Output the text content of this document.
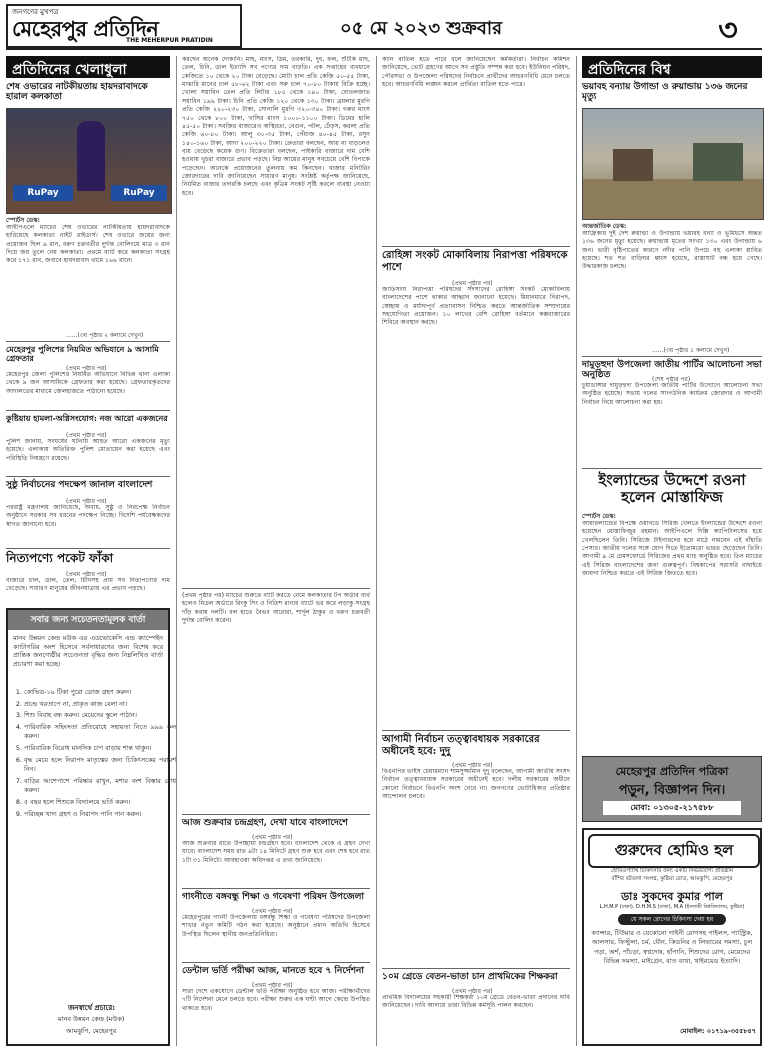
জনগণের মুখপত্র
মেহেরপুর প্রতিদিন
THE MEHERPUR PRATIDIN
০৫ মে ২০২৩ শুক্রবার	৩
প্রতিদিনের খেলাধুলা
শেষ ওভারের নাটকীয়তায় হায়দরাবাদকে হারাল কলকাতা
RuPay	RuPay
স্পোর্টস ডেস্ক:
আইপিএলে ম্যাচের শেষ ওভারের নাটকীয়তায় হায়দরাবাদকে হারিয়েছে কলকাতা নাইট রাইডার্স। শেষ ওভারে জয়ের জন্য প্রয়োজন ছিল ৯ রান, বরুণ চক্রবর্তীর দুর্দান্ত বোলিংয়ে মাত্র ৩ রান দিয়ে জয় তুলে নেয় কলকাতা। প্রথমে ব্যাট করে কলকাতা সংগ্রহ করে ১৭১ রান, জবাবে হায়দরাবাদ থামে ১৬৬ রানে।
......(৩য় পৃষ্ঠার ২ কলামে দেখুন)
মেহেরপুর পুলিশের নিয়মিত অভিযানে ৯ আসামি গ্রেফতার
(প্রথম পৃষ্ঠার পর)
মেহেরপুর জেলা পুলিশের নিয়মিত অভিযানে বিভিন্ন থানা এলাকা থেকে ৯ জন আসামিকে গ্রেফতার করা হয়েছে। গ্রেফতারকৃতদের আদালতের মাধ্যমে জেলহাজতে পাঠানো হয়েছে।
কুষ্টিয়ায় হামলা-অগ্নিসংযোগ: নজ আরো একজনের
(প্রথম পৃষ্ঠার পর)
পুলিশ জানায়, সংঘর্ষের ঘটনায় আহত আরো একজনের মৃত্যু হয়েছে। এলাকায় অতিরিক্ত পুলিশ মোতায়েন করা হয়েছে এবং পরিস্থিতি নিয়ন্ত্রণে রয়েছে।
সুষ্ঠু নির্বাচনের পদক্ষেপ জানাল বাংলাদেশ
(প্রথম পৃষ্ঠার পর)
পররাষ্ট্র মন্ত্রণালয় জানিয়েছে, অবাধ, সুষ্ঠু ও নিরপেক্ষ নির্বাচন অনুষ্ঠানে সরকার সব ধরনের পদক্ষেপ নিচ্ছে। বিদেশি পর্যবেক্ষকদের স্বাগত জানানো হবে।
নিত্যপণ্যে পকেট ফাঁকা
(প্রথম পৃষ্ঠার পর)
বাজারে চাল, ডাল, তেল, চিনিসহ প্রায় সব নিত্যপণ্যের দাম বেড়েছে। সাধারণ মানুষের জীবনযাত্রায় এর প্রভাব পড়ছে।
সবার জন্য সচেতনতামূলক বার্তা
মানব উন্নয়ন কেন্দ্র মউক এর এডভোকেসি এন্ড ক্যাম্পেইন ক্যাটাগরির অংশ হিসেবে সর্বসাধারণের জন্য বিশেষ করে প্রান্তিক জনগোষ্ঠীর সচেতনতা বৃদ্ধির জন্য নিম্নলিখিত বার্তা প্রচারণা করা হচ্ছে।
1. কোভিড-১৯ টিকা পুরো ডোজ গ্রহণ করুন।
2. প্রচন্ড খরতাপে না, প্রাকৃত কাজ বেলা না।
3. শিশু বিবাহ বন্ধ করুন। মেয়েদের স্কুলে পাঠান।
4. পারিবারিক সহিংসতা প্রতিরোধে সহায়তা নিতে ৯৯৯ কল করুন।
5. পারিবারিক বিরোধ মানসিক চাপ বাড়ায় শান্ত থাকুন।
6. বৃদ্ধ মেয়ে হলে নিরাপদ মাতৃত্বের জন্য চিকিৎসকের পরামর্শ নিন।
7. বাড়ির আশেপাশে পরিষ্কার রাখুন, মশার বংশ বিস্তার রোধ করুন।
8. ৫ বছর হলে শিশুকে বিদ্যালয়ে ভর্তি করুন।
9. পরিচ্ছন্ন খাদ্য গ্রহণ ও নিরাপদ পানি পান করুন।
জনস্বার্থে প্রচারে:
মানব উন্নয়ন কেন্দ্র (মউক)
আমঝুপি, মেহেরপুর
করছেন অনেক দোকানি। মাছ, মাংস, ডিম, তরকারি, দুধ, ফল, শুঁটকি মাছ, তেল, চিনি, ডাল ইত্যাদি সব পণ্যের দাম বাড়তি। এক সপ্তাহের ব্যবধানে কেজিতে ১০ থেকে ২০ টাকা বেড়েছে। মোটা চাল প্রতি কেজি ৫০-৫৫ টাকা, মাঝারি মানের চাল ৫৮-৬২ টাকা এবং সরু চাল ৭০-৮০ টাকায় বিক্রি হচ্ছে। খোলা সয়াবিন তেল প্রতি লিটার ১৮৫ থেকে ১৯০ টাকা, বোতলজাত সয়াবিন ১৯৯ টাকা। চিনি প্রতি কেজি ১২০ থেকে ১৩০ টাকা। ব্রয়লার মুরগি প্রতি কেজি ২২০-২৩০ টাকা, সোনালি মুরগি ৩২০-৩৪০ টাকা। গরুর মাংস ৭৫০ থেকে ৮০০ টাকা, খাসির মাংস ১০০০-১১০০ টাকা। ডিমের হালি ৪৫-৫০ টাকা। সবজির বাজারেও অস্থিরতা, বেগুন, পটল, ঢেঁড়স, করলা প্রতি কেজি ৬০-৮০ টাকা। আলু ৩০-৩৫ টাকা, পেঁয়াজ ৪০-৪৫ টাকা, রসুন ১৪০-১৬০ টাকা, আদা ২০০-২২০ টাকা। ক্রেতারা বলছেন, আয় না বাড়লেও ব্যয় বেড়েছে কয়েক গুণ। বিক্রেতারা বলছেন, পাইকারি বাজারে দাম বেশি হওয়ায় খুচরা বাজারে প্রভাব পড়ছে। নিম্ন আয়ের মানুষ সবচেয়ে বেশি বিপাকে পড়েছেন। অনেকে প্রয়োজনের তুলনায় কম কিনছেন। বাজার মনিটরিং জোরদারের দাবি জানিয়েছেন সাধারণ মানুষ। সংশ্লিষ্ট কর্তৃপক্ষ জানিয়েছে, নিয়মিত বাজার তদারকি চলছে এবং কৃত্রিম সংকট সৃষ্টি করলে ব্যবস্থা নেওয়া হবে।
(প্রথম পৃষ্ঠার পর) ম্যাচের শুরুতে ব্যাট করতে নেমে কলকাতার টপ অর্ডার ব্যর্থ হলেও মিডল অর্ডারে রিংকু সিং ও নিতিশ রানার ব্যাটে ভর করে লড়াকু সংগ্রহ দাঁড় করায় দলটি। বল হাতে বৈভব অরোরা, শার্দূল ঠাকুর ও বরুণ চক্রবর্তী দুর্দান্ত বোলিং করেন।
আজ শুক্রবার চন্দ্রগ্রহণ, দেখা যাবে বাংলাদেশে
(প্রথম পৃষ্ঠার পর)
আজ শুক্রবার রাতে উপচ্ছায়া চন্দ্রগ্রহণ হবে। বাংলাদেশ থেকে এ গ্রহণ দেখা যাবে। বাংলাদেশ সময় রাত ৯টা ১৪ মিনিটে গ্রহণ শুরু হবে এবং শেষ হবে রাত ১টা ৩১ মিনিটে। আবহাওয়া অধিদপ্তর এ তথ্য জানিয়েছে।
গাংনীতে বঙ্গবন্ধু শিক্ষা ও গবেষণা পরিষদ উপজেলা
(প্রথম পৃষ্ঠার পর)
মেহেরপুরের গাংনী উপজেলায় বঙ্গবন্ধু শিক্ষা ও গবেষণা পরিষদের উপজেলা শাখার নতুন কমিটি গঠন করা হয়েছে। অনুষ্ঠানে প্রধান অতিথি হিসেবে উপস্থিত ছিলেন স্থানীয় জনপ্রতিনিধিরা।
ডেন্টাল ভর্তি পরীক্ষা আজ, মানতে হবে ৭ নির্দেশনা
(প্রথম পৃষ্ঠার পর)
সারা দেশে একযোগে ডেন্টাল ভর্তি পরীক্ষা অনুষ্ঠিত হবে আজ। পরীক্ষার্থীদের ৭টি নির্দেশনা মেনে চলতে হবে। পরীক্ষা শুরুর এক ঘণ্টা আগে কেন্দ্রে উপস্থিত থাকতে হবে।
ক্যান বাতিল হতে পারে বলে জানিয়েছেন কর্মকর্তারা। নির্বাচন কমিশন জানিয়েছে, ভোট গ্রহণের আগে সব প্রস্তুতি সম্পন্ন করা হবে। ইউনিয়ন পরিষদ, পৌরসভা ও উপজেলা পরিষদের নির্বাচনে প্রার্থীদের আচরণবিধি মেনে চলতে হবে। আচরণবিধি লঙ্ঘন করলে প্রার্থিতা বাতিল হতে পারে।
রোহিঙ্গা সংকট মোকাবিলায় নিরাপত্তা পরিষদকে পাশে
(প্রথম পৃষ্ঠার পর)
জাতিসংঘ নিরাপত্তা পরিষদের সদস্যদের রোহিঙ্গা সংকট মোকাবিলায় বাংলাদেশের পাশে থাকার আহ্বান জানানো হয়েছে। মিয়ানমারে নিরাপদ, স্বেচ্ছায় ও মর্যাদাপূর্ণ প্রত্যাবাসন নিশ্চিত করতে আন্তর্জাতিক সম্প্রদায়ের সহযোগিতা প্রয়োজন। ১০ লাখের বেশি রোহিঙ্গা বর্তমানে কক্সবাজারের শিবিরে অবস্থান করছে।
আগামী নির্বাচন তত্ত্বাবধায়ক সরকারের অধীনেই হবে: দুদু
(প্রথম পৃষ্ঠার পর)
বিএনপির ভাইস চেয়ারম্যান শামসুজ্জামান দুদু বলেছেন, আগামী জাতীয় সংসদ নির্বাচন তত্ত্বাবধায়ক সরকারের অধীনেই হবে। দলীয় সরকারের অধীনে কোনো নির্বাচনে বিএনপি অংশ নেবে না। জনগণের ভোটাধিকার প্রতিষ্ঠার আন্দোলন চলবে।
১০ম গ্রেডে বেতন-ভাতা চান প্রাথমিকের শিক্ষকরা
(প্রথম পৃষ্ঠার পর)
প্রাথমিক বিদ্যালয়ের সহকারী শিক্ষকরা ১০ম গ্রেডে বেতন-ভাতা প্রদানের দাবি জানিয়েছেন। দাবি আদায়ে তারা বিভিন্ন কর্মসূচি পালন করছেন।
প্রতিদিনের বিশ্ব
ভয়াবহ বন্যায় উগান্ডা ও রুয়ান্ডায় ১৩৬ জনের মৃত্যু
আন্তর্জাতিক ডেস্ক:
আফ্রিকার দুই দেশ রুয়ান্ডা ও উগান্ডায় ভয়াবহ বন্যা ও ভূমিধসে অন্তত ১৩৬ জনের মৃত্যু হয়েছে। রুয়ান্ডায় মৃতের সংখ্যা ১৩০ এবং উগান্ডায় ৬ জন। ভারী বৃষ্টিপাতের কারণে নদীর পানি উপচে বহু এলাকা প্লাবিত হয়েছে। শত শত বাড়িঘর ধ্বংস হয়েছে, রাস্তাঘাট বন্ধ হয়ে গেছে। উদ্ধারকাজ চলছে।
......(৩য় পৃষ্ঠার ১ কলামে দেখুন)
দামুড়হুদা উপজেলা জাতীয় পার্টির আলোচনা সভা অনুষ্ঠিত	(শেষ পৃষ্ঠার পর)
চুয়াডাঙ্গার দামুড়হুদা উপজেলা জাতীয় পার্টির উদ্যোগে আলোচনা সভা অনুষ্ঠিত হয়েছে। সভায় দলের সাংগঠনিক কার্যক্রম জোরদার ও আগামী নির্বাচন নিয়ে আলোচনা করা হয়।
ইংল্যান্ডের উদ্দেশে রওনা হলেন মোস্তাফিজ
স্পোর্টস ডেস্ক:
আয়ারল্যান্ডের বিপক্ষে ওয়ানডে সিরিজ খেলতে ইংল্যান্ডের উদ্দেশে রওনা হয়েছেন মোস্তাফিজুর রহমান। আইপিএলে দিল্লি ক্যাপিটালসের হয়ে খেলছিলেন তিনি। সিরিজে টাইগারদের হয়ে মাঠে নামবেন এই বাঁহাতি পেসার। জাতীয় দলের সঙ্গে যোগ দিতে ইতোমধ্যে ভারত ছেড়েছেন তিনি। আগামী ৯ মে চেমসফোর্ডে সিরিজের প্রথম ম্যাচ অনুষ্ঠিত হবে। তিন ম্যাচের এই সিরিজ বাংলাদেশের জন্য গুরুত্বপূর্ণ। বিশ্বকাপের সরাসরি বাছাইয়ে জায়গা নিশ্চিত করতে এই সিরিজ জিততে হবে।
মেহেরপুর প্রতিদিন পত্রিকা
পড়ুন, বিজ্ঞাপন দিন।
মোবা: ০১৩০৫-২১৭৫৮৮
গুরুদেব হোমিও হল
হোমিওপ্যাথি চিকিৎসার জন্য একটি নির্ভরযোগ্য প্রতিষ্ঠান
বাঁশির বটতলা সংলগ্ন, কুষ্টিয়া রোড, আমঝুপি, মেহেরপুর
ডাঃ সুকদেব কুমার পাল
L.H.M.P (ঢাকা), D.H.M.S (ঢাকা), M.A (ইসলামী বিশ্ববিদ্যালয়, কুষ্টিয়া)
যে সকল রোগের চিকিৎসা দেয়া হয়
ক্যান্সার, টিউমার ও যেকোনো গাইনী রোগসহ পাইলস, গ্যাস্ট্রিক, আলসার, ফিস্টুলা, চর্ম, যৌন, কিডনির ও লিভারের সমস্যা, চুল পড়া, অর্শ, পাঁচড়া, স্বপ্নদোষ, হাঁপানি, শিশুদের রোগ, মেয়েদের বিভিন্ন সমস্যা, মাইগ্রেন, বাত ব্যথা, থাইরয়েড ইত্যাদি।
মোবাইল: ০১৭১৯-৩৫৫৮৪৭
